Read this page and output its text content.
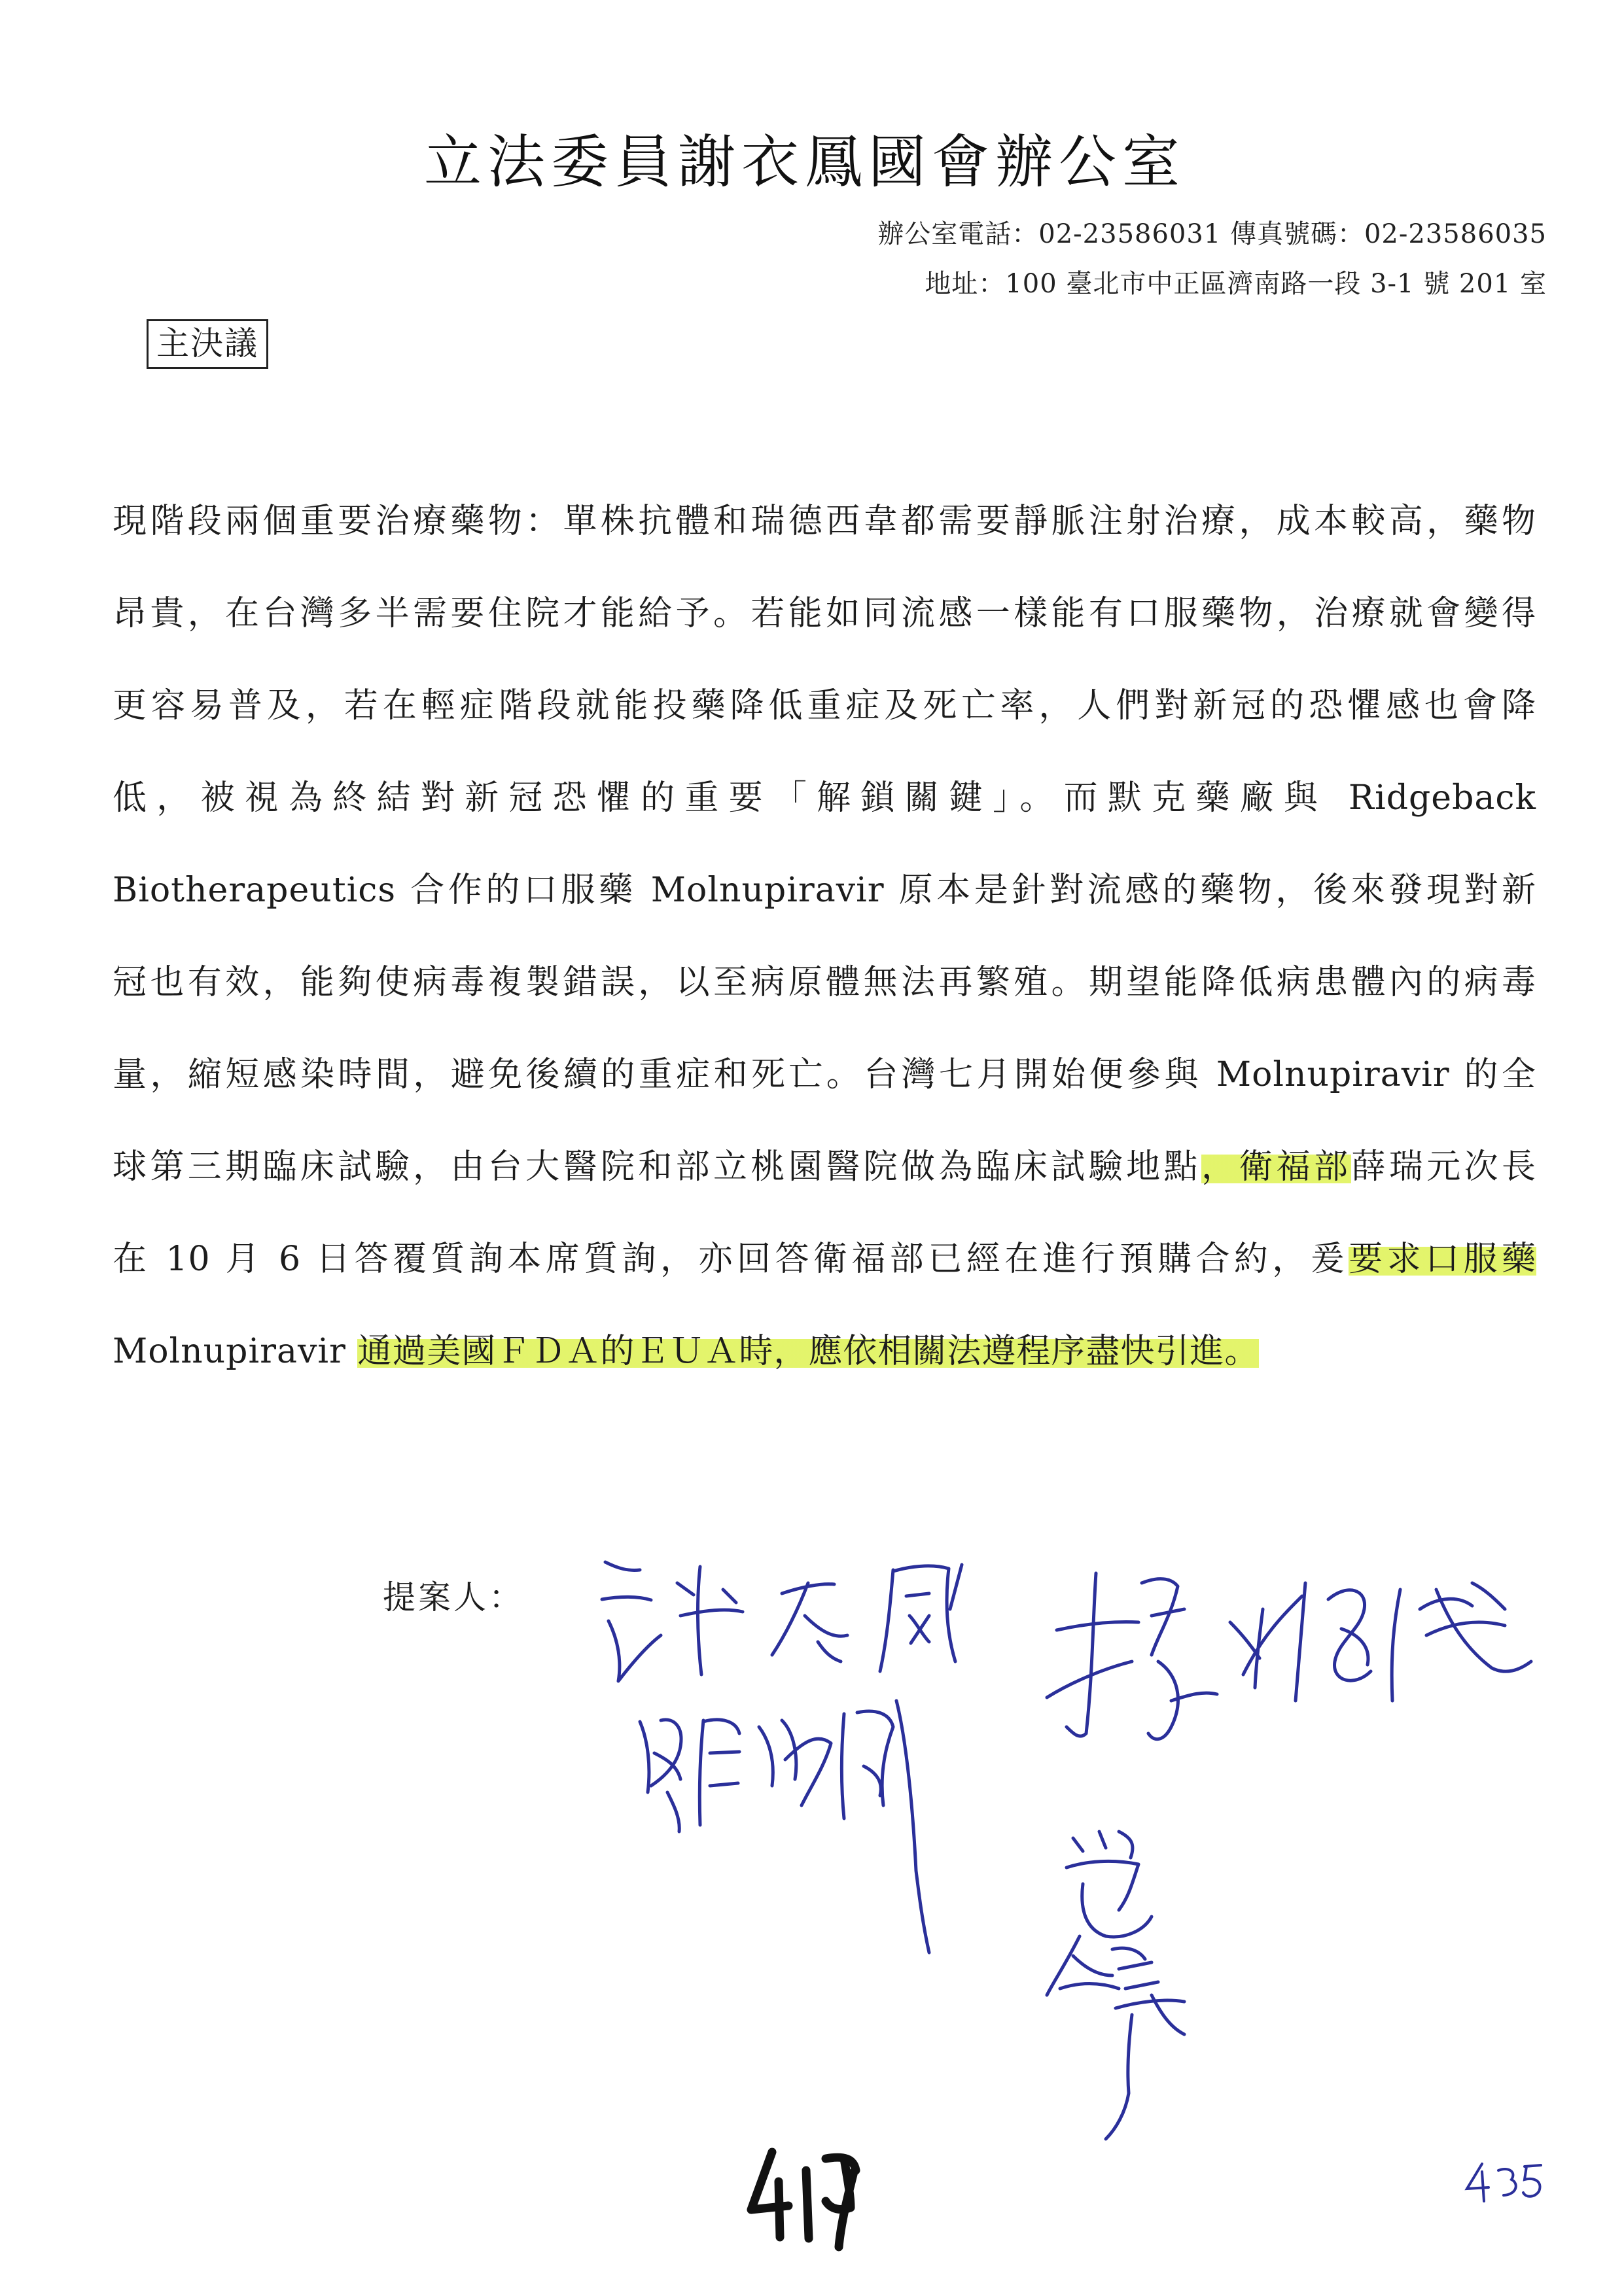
立法委員謝衣鳳國會辦公室
辦公室電話：02-23586031 傳真號碼：02-23586035
地址：100 臺北市中正區濟南路一段 3-1 號 201 室
主決議
現階段兩個重要治療藥物：單株抗體和瑞德西韋都需要靜脈注射治療，成本較高，藥物
昂貴，在台灣多半需要住院才能給予。若能如同流感一樣能有口服藥物，治療就會變得
更容易普及，若在輕症階段就能投藥降低重症及死亡率，人們對新冠的恐懼感也會降
低，被視為終結對新冠恐懼的重要「解鎖關鍵」。而默克藥廠與 Ridgeback
Biotherapeutics 合作的口服藥 Molnupiravir 原本是針對流感的藥物，後來發現對新
冠也有效，能夠使病毒複製錯誤，以至病原體無法再繁殖。期望能降低病患體內的病毒
量，縮短感染時間，避免後續的重症和死亡。台灣七月開始便參與 Molnupiravir 的全
球第三期臨床試驗，由台大醫院和部立桃園醫院做為臨床試驗地點，衛福部薛瑞元次長
在 10 月 6 日答覆質詢本席質詢，亦回答衛福部已經在進行預購合約，爰要求口服藥
Molnupiravir 通過美國ＦＤＡ的ＥＵＡ時，應依相關法遵程序盡快引進。
提案人：
419
435
